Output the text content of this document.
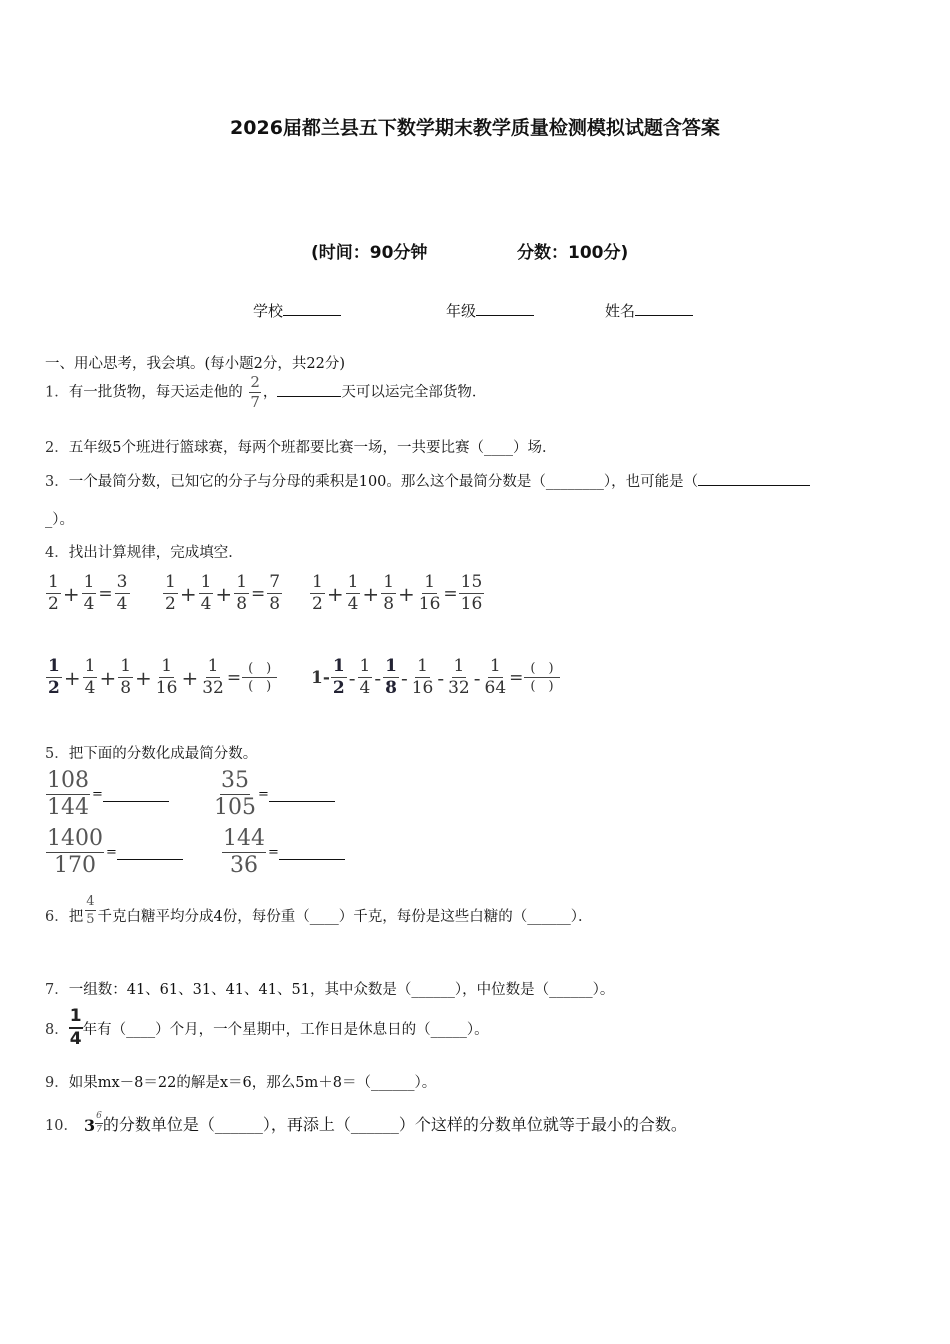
2026届都兰县五下数学期末教学质量检测模拟试题含答案
(时间：90分钟	分数：100分)
学校	年级	姓名
一、用心思考，我会填。(每小题2分，共22分)
1．有一批货物，每天运走他的 $\frac{2}{7}$ ，	天可以运完全部货物．
2．五年级5个班进行篮球赛，每两个班都要比赛一场，一共要比赛（____）场．
3．一个最简分数，已知它的分子与分母的乘积是100。那么这个最简分数是（________），也可能是（
_）。
4．找出计算规律，完成填空．
$\frac{1}{2} + \frac{1}{4} = \frac{3}{4} \frac{1}{2} + \frac{1}{4} + \frac{1}{8} = \frac{7}{8} \frac{1}{2} + \frac{1}{4} + \frac{1}{8} + \frac{1}{16} = \frac{15}{16}$
$\frac{1}{2} + \frac{1}{4} + \frac{1}{8} + \frac{1}{16} + \frac{1}{32} = \frac{( )}{( )} 1- \frac{1}{2} - \frac{1}{4} - \frac{1}{8} - \frac{1}{16} - \frac{1}{32} - \frac{1}{64} = \frac{( )}{( )}$
5．把下面的分数化成最简分数。
$\frac{108}{144}$ =	$\frac{35}{105}$ =
$\frac{1400}{170}$ =	$\frac{144}{36}$ =
6． 把 $\frac{4}{5}$ 千克白糖平均分成4份，每份重（____）千克，每份是这些白糖的（______）．
7．一组数：41、61、31、41、41、51，其中众数是（______），中位数是（______）。
8． $\frac{1}{4}$ 年有（____）个月，一个星期中，工作日是休息日的（_____）。
9．如果mx－8＝22的解是x＝6，那么5m＋8＝（______）。
10． $3 \frac{6}{7}$ 的分数单位是（______），再添上（______）个这样的分数单位就等于最小的合数。
